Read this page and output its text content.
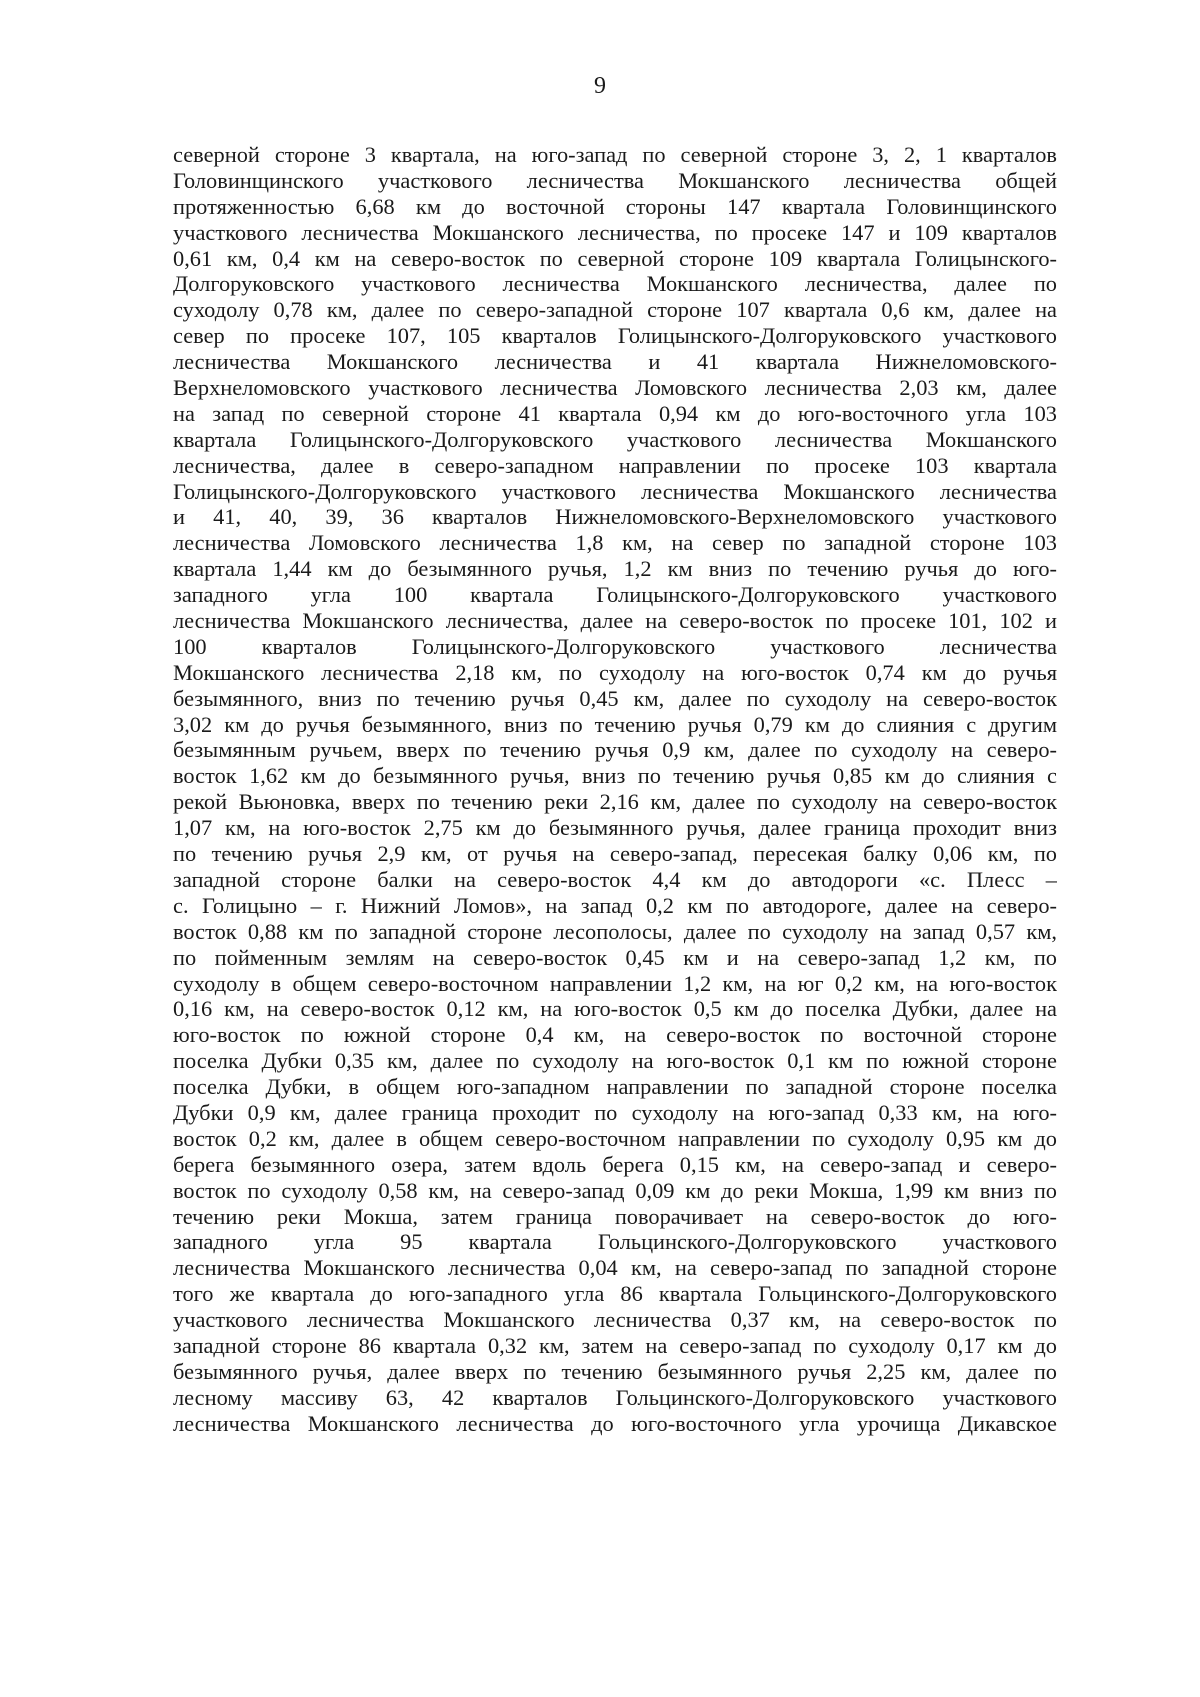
9
северной стороне 3 квартала, на юго-запад по северной стороне 3, 2, 1 кварталов
Головинщинского участкового лесничества Мокшанского лесничества общей
протяженностью 6,68 км до восточной стороны 147 квартала Головинщинского
участкового лесничества Мокшанского лесничества, по просеке 147 и 109 кварталов
0,61 км, 0,4 км на северо-восток по северной стороне 109 квартала Голицынского-
Долгоруковского участкового лесничества Мокшанского лесничества, далее по
суходолу 0,78 км, далее по северо-западной стороне 107 квартала 0,6 км, далее на
север по просеке 107, 105 кварталов Голицынского-Долгоруковского участкового
лесничества Мокшанского лесничества и 41 квартала Нижнеломовского-
Верхнеломовского участкового лесничества Ломовского лесничества 2,03 км, далее
на запад по северной стороне 41 квартала 0,94 км до юго-восточного угла 103
квартала Голицынского-Долгоруковского участкового лесничества Мокшанского
лесничества, далее в северо-западном направлении по просеке 103 квартала
Голицынского-Долгоруковского участкового лесничества Мокшанского лесничества
и 41, 40, 39, 36 кварталов Нижнеломовского-Верхнеломовского участкового
лесничества Ломовского лесничества 1,8 км, на север по западной стороне 103
квартала 1,44 км до безымянного ручья, 1,2 км вниз по течению ручья до юго-
западного угла 100 квартала Голицынского-Долгоруковского участкового
лесничества Мокшанского лесничества, далее на северо-восток по просеке 101, 102 и
100 кварталов Голицынского-Долгоруковского участкового лесничества
Мокшанского лесничества 2,18 км, по суходолу на юго-восток 0,74 км до ручья
безымянного, вниз по течению ручья 0,45 км, далее по суходолу на северо-восток
3,02 км до ручья безымянного, вниз по течению ручья 0,79 км до слияния с другим
безымянным ручьем, вверх по течению ручья 0,9 км, далее по суходолу на северо-
восток 1,62 км до безымянного ручья, вниз по течению ручья 0,85 км до слияния с
рекой Вьюновка, вверх по течению реки 2,16 км, далее по суходолу на северо-восток
1,07 км, на юго-восток 2,75 км до безымянного ручья, далее граница проходит вниз
по течению ручья 2,9 км, от ручья на северо-запад, пересекая балку 0,06 км, по
западной стороне балки на северо-восток 4,4 км до автодороги «с. Плесс –
с. Голицыно – г. Нижний Ломов», на запад 0,2 км по автодороге, далее на северо-
восток 0,88 км по западной стороне лесополосы, далее по суходолу на запад 0,57 км,
по пойменным землям на северо-восток 0,45 км и на северо-запад 1,2 км, по
суходолу в общем северо-восточном направлении 1,2 км, на юг 0,2 км, на юго-восток
0,16 км, на северо-восток 0,12 км, на юго-восток 0,5 км до поселка Дубки, далее на
юго-восток по южной стороне 0,4 км, на северо-восток по восточной стороне
поселка Дубки 0,35 км, далее по суходолу на юго-восток 0,1 км по южной стороне
поселка Дубки, в общем юго-западном направлении по западной стороне поселка
Дубки 0,9 км, далее граница проходит по суходолу на юго-запад 0,33 км, на юго-
восток 0,2 км, далее в общем северо-восточном направлении по суходолу 0,95 км до
берега безымянного озера, затем вдоль берега 0,15 км, на северо-запад и северо-
восток по суходолу 0,58 км, на северо-запад 0,09 км до реки Мокша, 1,99 км вниз по
течению реки Мокша, затем граница поворачивает на северо-восток до юго-
западного угла 95 квартала Гольцинского-Долгоруковского участкового
лесничества Мокшанского лесничества 0,04 км, на северо-запад по западной стороне
того же квартала до юго-западного угла 86 квартала Гольцинского-Долгоруковского
участкового лесничества Мокшанского лесничества 0,37 км, на северо-восток по
западной стороне 86 квартала 0,32 км, затем на северо-запад по суходолу 0,17 км до
безымянного ручья, далее вверх по течению безымянного ручья 2,25 км, далее по
лесному массиву 63, 42 кварталов Гольцинского-Долгоруковского участкового
лесничества Мокшанского лесничества до юго-восточного угла урочища Дикавское
